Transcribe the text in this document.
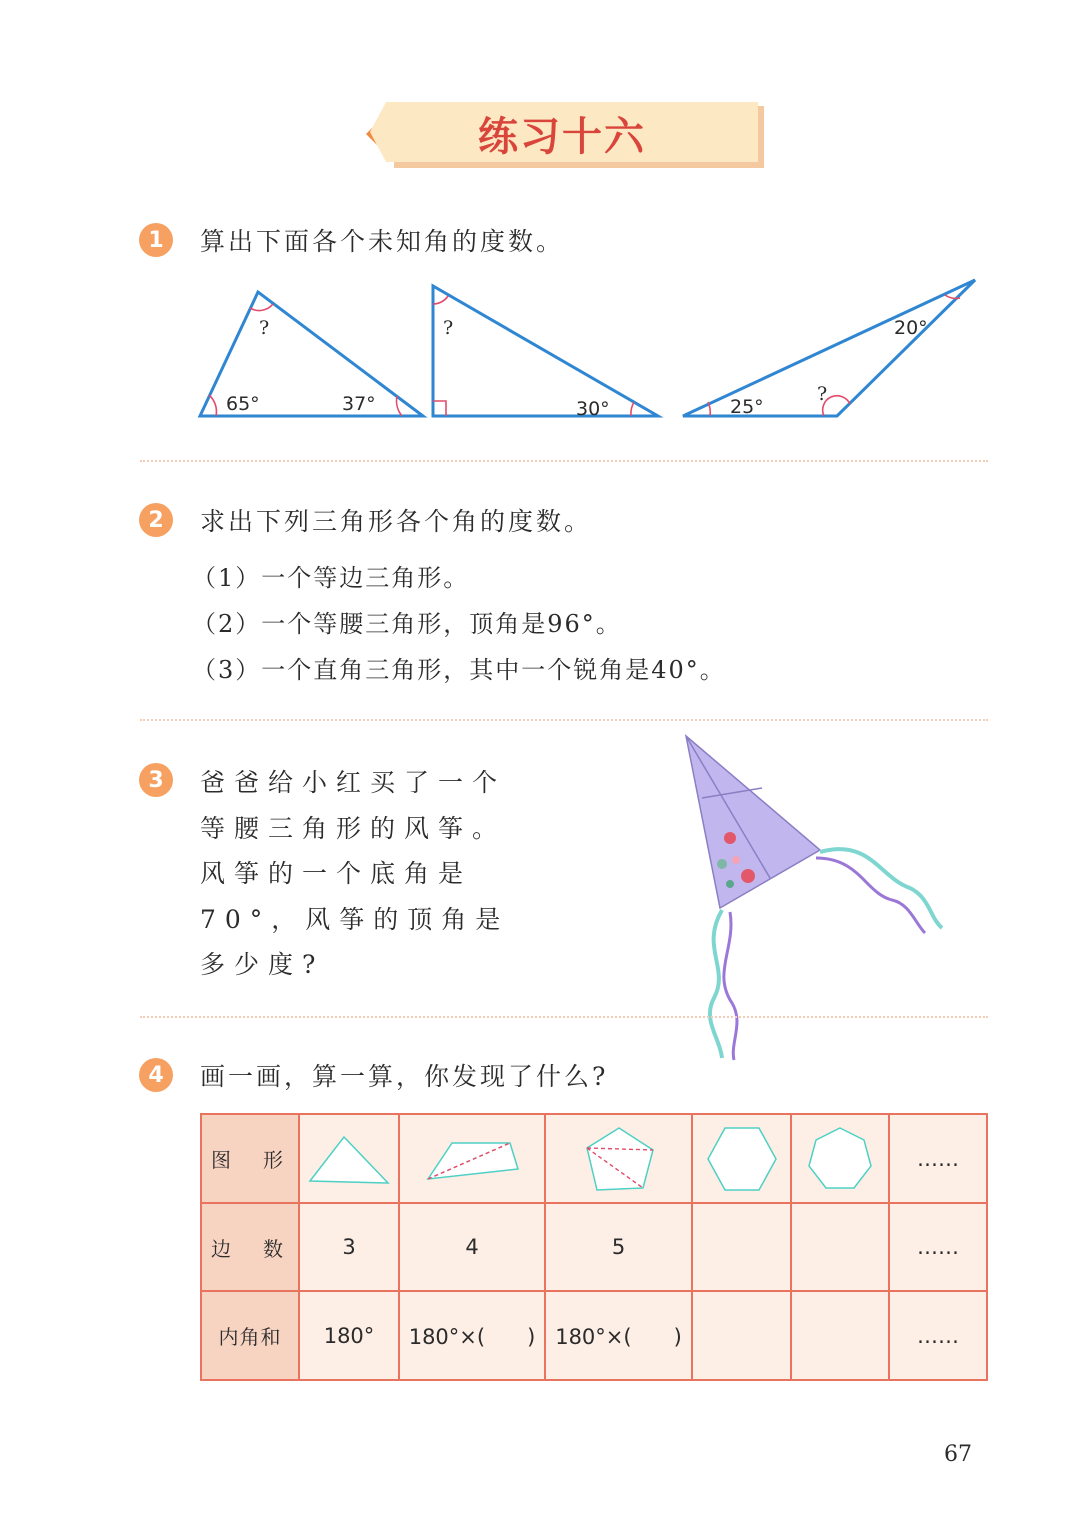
练习十六
1	算出下面各个未知角的度数。
?
65°	37°
?
30°
20°
25°
?
2	求出下列三角形各个角的度数。
（1）一个等边三角形。
（2）一个等腰三角形，顶角是96°。
（3）一个直角三角形，其中一个锐角是40°。
3	爸爸给小红买了一个
等腰三角形的风筝。
风筝的一个底角是
70°，风筝的顶角是
多少度?
4	画一画，算一算，你发现了什么?
图　形						……
边　数	3	4	5			……
内角和	180°	180°×(　　)	180°×(　　)			……
67
